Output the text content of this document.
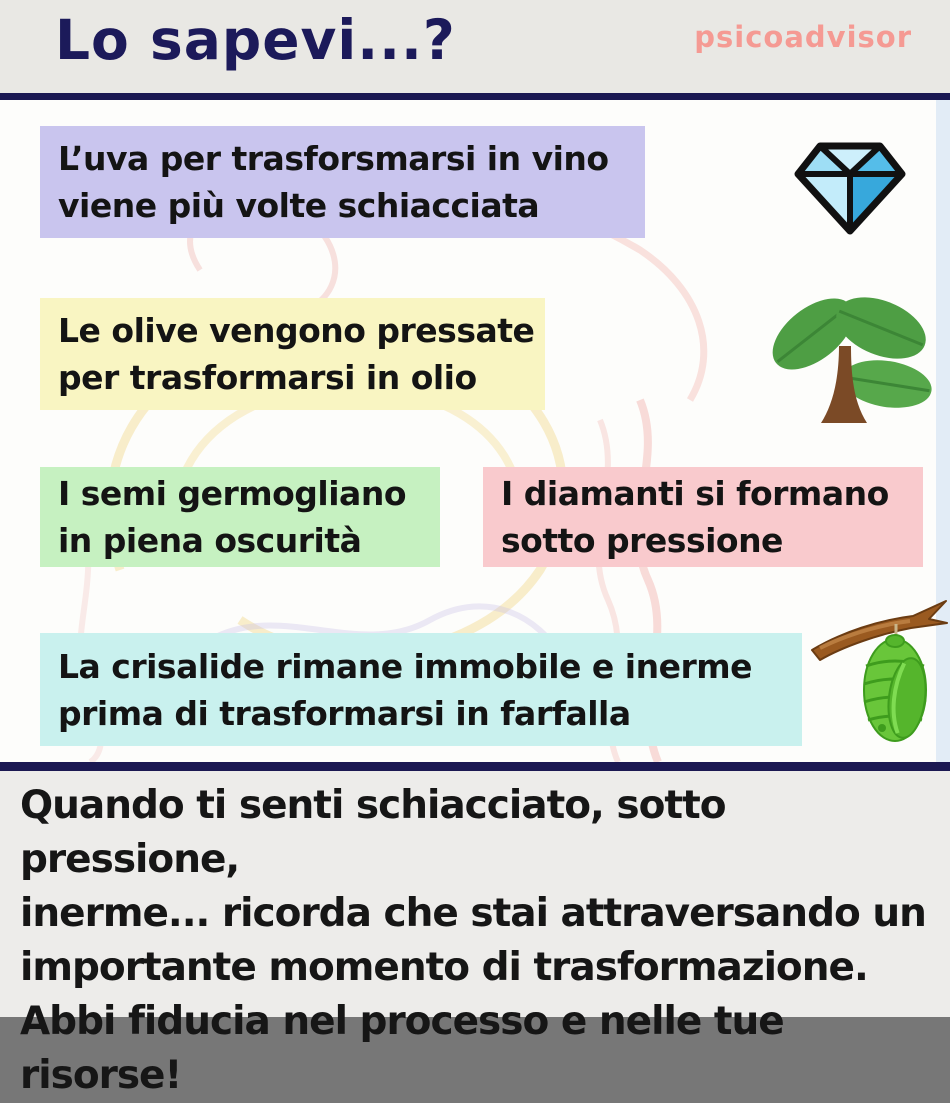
Lo sapevi...?	psicoadvisor
L’uva per trasforsmarsi in vino
viene più volte schiacciata
Le olive vengono pressate
per trasformarsi in olio
I semi germogliano
in piena oscurità
I diamanti si formano
sotto pressione
La crisalide rimane immobile e inerme
prima di trasformarsi in farfalla
Quando ti senti schiacciato, sotto pressione,
inerme... ricorda che stai attraversando un
importante momento di trasformazione.
Abbi fiducia nel processo e nelle tue risorse!
